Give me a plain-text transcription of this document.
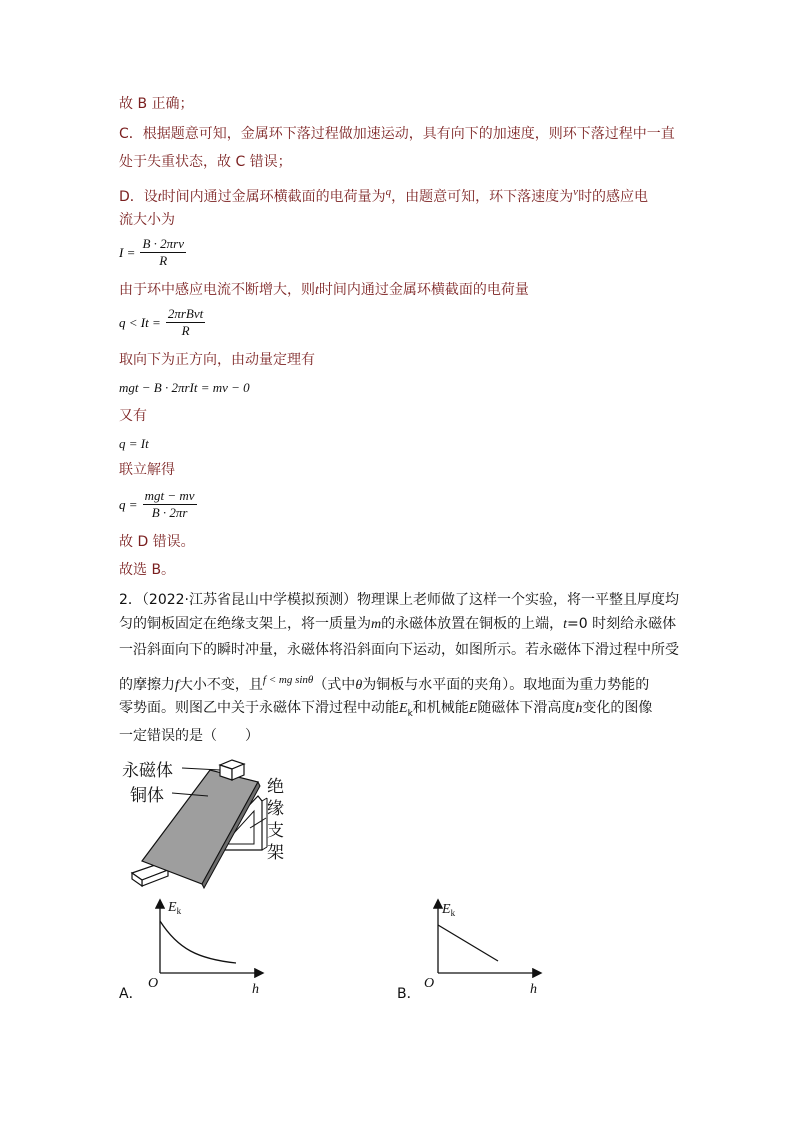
故 B 正确；
C．根据题意可知，金属环下落过程做加速运动，具有向下的加速度，则环下落过程中一直
处于失重状态，故 C 错误；
D．设t时间内通过金属环横截面的电荷量为$^q$，由题意可知，环下落速度为$^v$时的感应电
流大小为
$I = \frac{\text{B · 2πrv}}{R}$
由于环中感应电流不断增大，则t时间内通过金属环横截面的电荷量
$q < It = \frac{\text{2πrBvt}}{R}$
取向下为正方向，由动量定理有
mgt − B · 2πrIt = mv − 0
又有
q = It
联立解得
$q = \frac{\text{mgt − mv}}{B \cdot 2\pi r}$
故 D 错误。
故选 B。
2．（2022·江苏省昆山中学模拟预测）物理课上老师做了这样一个实验，将一平整且厚度均
匀的铜板固定在绝缘支架上，将一质量为m的永磁体放置在铜板的上端，t=0 时刻给永磁体
一沿斜面向下的瞬时冲量，永磁体将沿斜面向下运动，如图所示。若永磁体下滑过程中所受
的摩擦力f大小不变，且$^{f < mg sin\theta}$（式中θ为铜板与水平面的夹角）。取地面为重力势能的
零势面。则图乙中关于永磁体下滑过程中动能$E_k$和机械能E随磁体下滑高度h变化的图像
一定错误的是（　　）
永磁体
铜体	绝
缘
支
架
$E_k$
O	h
A．
$E_k$
O	h
B．
